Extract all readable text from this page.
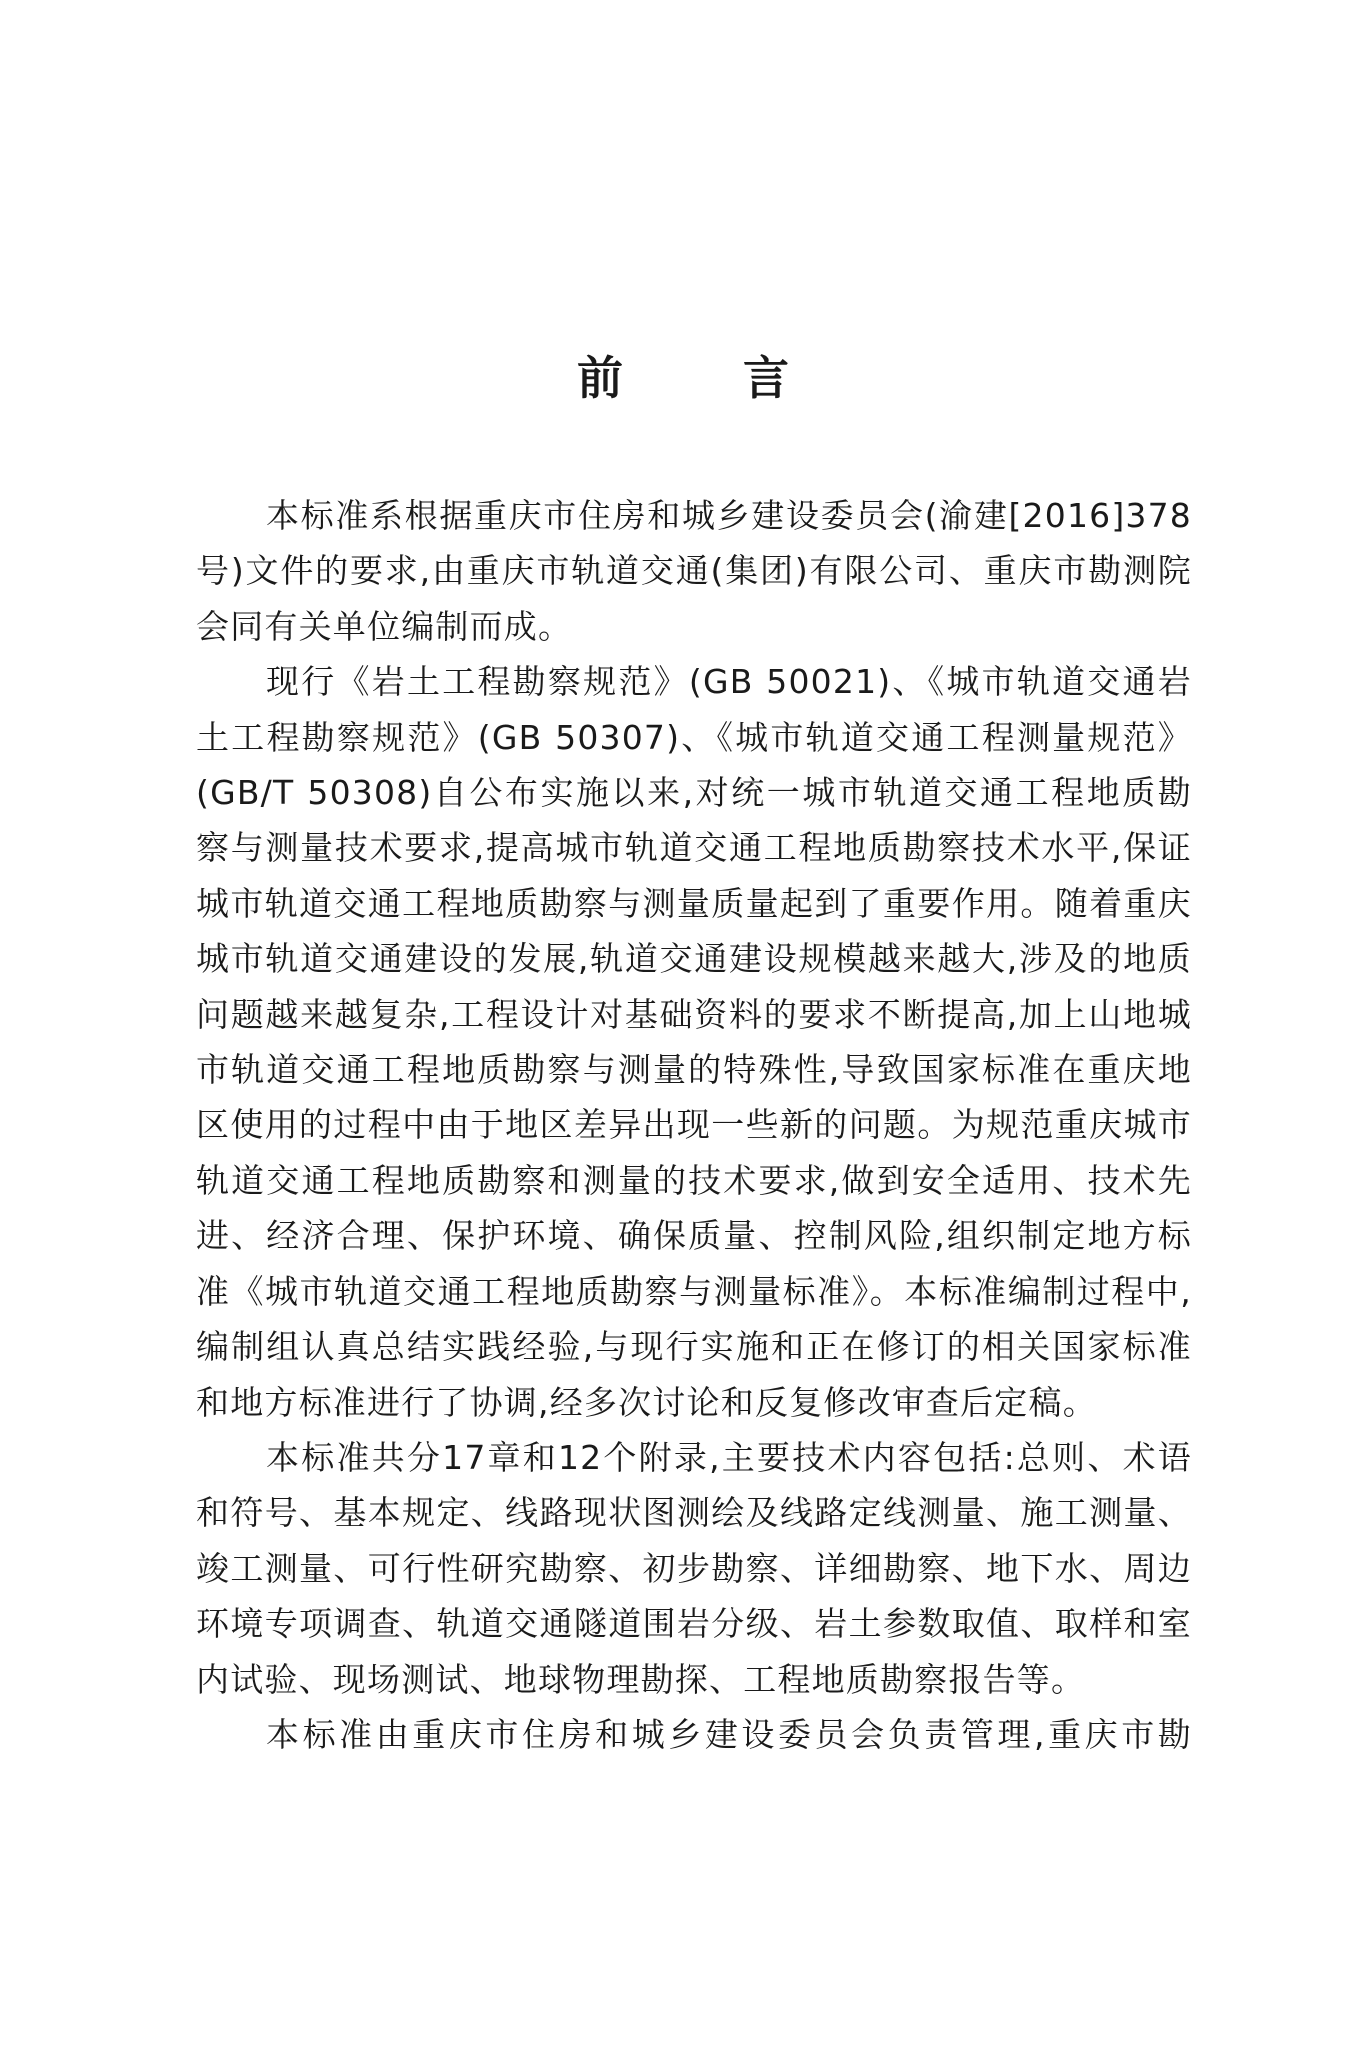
前 言

本标准系根据重庆市住房和城乡建设委员会(渝建[2016]378号)文件的要求,由重庆市轨道交通(集团)有限公司、重庆市勘测院会同有关单位编制而成。

现行《岩土工程勘察规范》(GB 50021)、《城市轨道交通岩土工程勘察规范》(GB 50307)、《城市轨道交通工程测量规范》(GB/T 50308)自公布实施以来,对统一城市轨道交通工程地质勘察与测量技术要求,提高城市轨道交通工程地质勘察技术水平,保证城市轨道交通工程地质勘察与测量质量起到了重要作用。随着重庆城市轨道交通建设的发展,轨道交通建设规模越来越大,涉及的地质问题越来越复杂,工程设计对基础资料的要求不断提高,加上山地城市轨道交通工程地质勘察与测量的特殊性,导致国家标准在重庆地区使用的过程中由于地区差异出现一些新的问题。为规范重庆城市轨道交通工程地质勘察和测量的技术要求,做到安全适用、技术先进、经济合理、保护环境、确保质量、控制风险,组织制定地方标准《城市轨道交通工程地质勘察与测量标准》。本标准编制过程中,编制组认真总结实践经验,与现行实施和正在修订的相关国家标准和地方标准进行了协调,经多次讨论和反复修改审查后定稿。

本标准共分17章和12个附录,主要技术内容包括:总则、术语和符号、基本规定、线路现状图测绘及线路定线测量、施工测量、竣工测量、可行性研究勘察、初步勘察、详细勘察、地下水、周边环境专项调查、轨道交通隧道围岩分级、岩土参数取值、取样和室内试验、现场测试、地球物理勘探、工程地质勘察报告等。

本标准由重庆市住房和城乡建设委员会负责管理,重庆市勘
